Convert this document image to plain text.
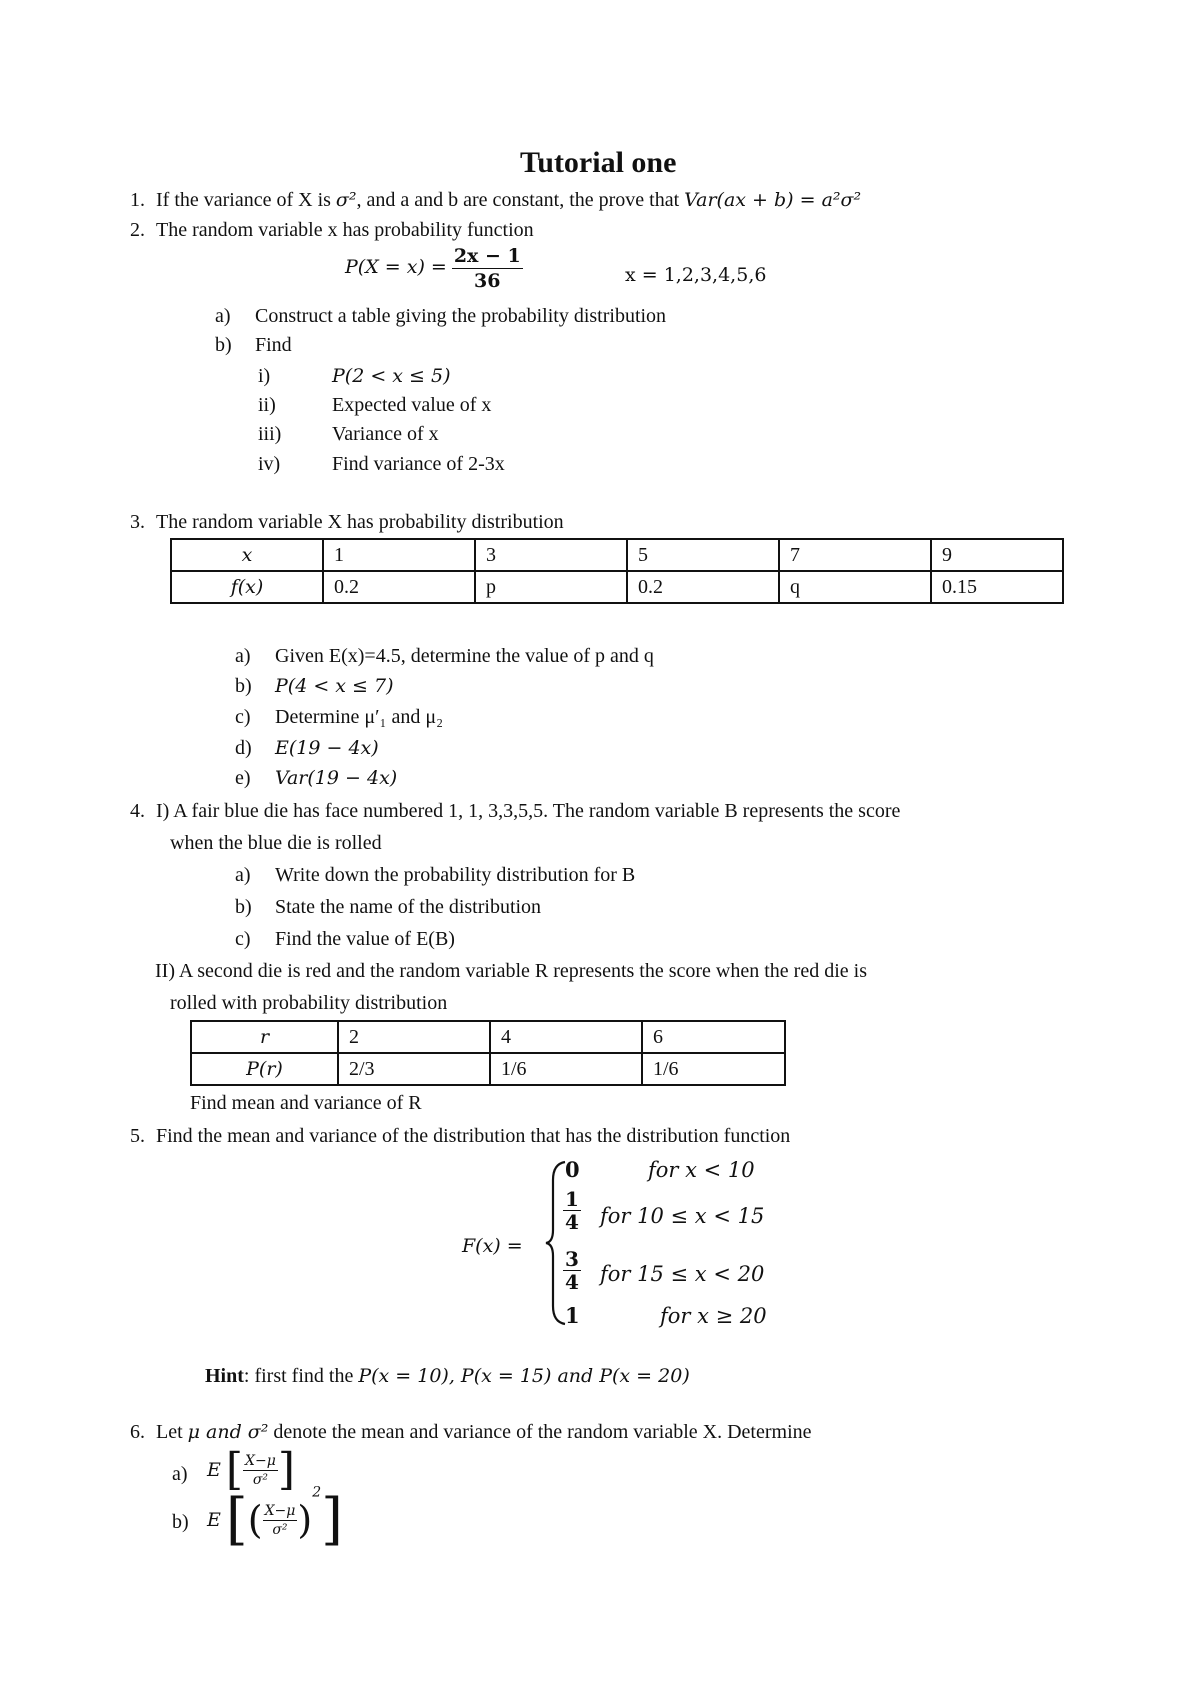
Tutorial one
1. If the variance of X is σ², and a and b are constant, the prove that Var(ax + b) = a²σ²
2. The random variable x has probability function
$P(X = x) = \frac{2x - 1}{36}$	x = 1,2,3,4,5,6
a) Construct a table giving the probability distribution
b) Find
i)	P(2 < x ≤ 5)
ii)	Expected value of x
iii)	Variance of x
iv)	Find variance of 2-3x
3. The random variable X has probability distribution
x	1	3	5	7	9
f(x)	0.2	p	0.2	q	0.15
a) Given E(x)=4.5, determine the value of p and q
b) P(4 < x ≤ 7)
c) Determine μ′₁ and μ₂
d) E(19 − 4x)
e) Var(19 − 4x)
4. I) A fair blue die has face numbered 1, 1, 3,3,5,5. The random variable B represents the score
when the blue die is rolled
a) Write down the probability distribution for B
b) State the name of the distribution
c) Find the value of E(B)
II) A second die is red and the random variable R represents the score when the red die is
rolled with probability distribution
r	2	4	6
P(r)	2/3	1/6	1/6
Find mean and variance of R
5. Find the mean and variance of the distribution that has the distribution function
F(x) =
0	for x < 10
1
4 for 10 ≤ x < 15
3
4 for 15 ≤ x < 20
1	for x ≥ 20
Hint: first find the P(x = 10), P(x = 15) and P(x = 20)
6. Let μ and σ² denote the mean and variance of the random variable X. Determine
a) E [ $\frac{X-\mu}{\text{σ²}}$ ]
b) E [( $\frac{X-\mu}{\text{σ²}} )^2$]
